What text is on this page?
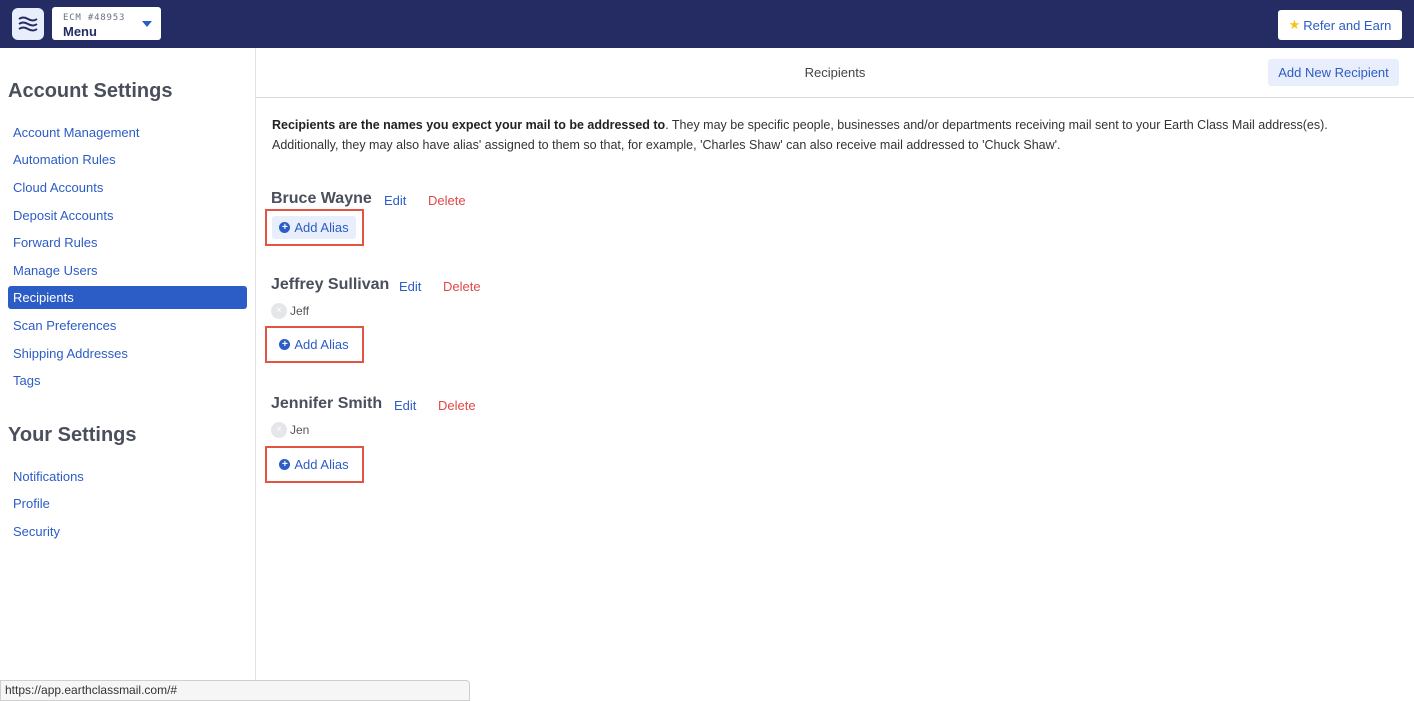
ECM #48953
Menu	★ Refer and Earn
Account Settings
Account Management
Automation Rules
Cloud Accounts
Deposit Accounts
Forward Rules
Manage Users
Recipients
Scan Preferences
Shipping Addresses
Tags
Your Settings
Notifications
Profile
Security
Recipients	Add New Recipient
Recipients are the names you expect your mail to be addressed to. They may be specific people, businesses and/or departments receiving mail sent to your Earth Class Mail address(es). Additionally, they may also have alias' assigned to them so that, for example, 'Charles Shaw' can also receive mail addressed to 'Chuck Shaw'.
Bruce Wayne Edit Delete
+ Add Alias
Jeffrey Sullivan Edit Delete
× Jeff
+ Add Alias
Jennifer Smith Edit Delete
× Jen
+ Add Alias
https://app.earthclassmail.com/#
